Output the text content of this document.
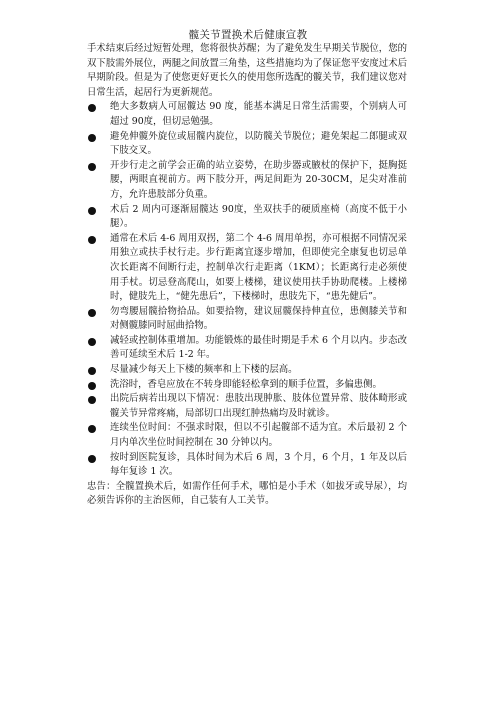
髋关节置换术后健康宣教

手术结束后经过短暂处理，您将很快苏醒；为了避免发生早期关节脱位，您的双下肢需外展位，两腿之间放置三角垫，这些措施均为了保证您平安度过术后早期阶段。但是为了使您更好更长久的使用您所选配的髋关节，我们建议您对日常生活，起居行为更新规范。

绝大多数病人可屈髋达 90 度，能基本满足日常生活需要，个别病人可超过 90度，但切忌勉强。
避免伸髋外旋位或屈髋内旋位，以防髋关节脱位；避免架起二郎腿或双下肢交叉。
开步行走之前学会正确的站立姿势，在助步器或腋杖的保护下，挺胸挺腰，两眼直视前方。两下肢分开，两足间距为 20-30CM，足尖对准前方，允许患肢部分负重。
术后 2 周内可逐渐屈髋达 90度，坐双扶手的硬质座椅（高度不低于小腿）。
通常在术后 4-6 周用双拐，第二个 4-6 周用单拐，亦可根据不同情况采用独立或扶手杖行走。步行距离宜逐步增加，但即使完全康复也切忌单次长距离不间断行走，控制单次行走距离（1KM）；长距离行走必须使用手杖。切忌登高爬山，如要上楼梯，建议使用扶手协助爬楼。上楼梯时，健肢先上，“健先患后”，下楼梯时，患肢先下，“患先健后”。
勿弯腰屈髋拾物拾品。如要拾物，建议屈髋保持伸直位，患侧膝关节和对侧髋膝同时屈曲拾物。
减轻或控制体重增加。功能锻炼的最佳时期是手术 6 个月以内。步态改善可延续至术后 1-2 年。
尽量减少每天上下楼的频率和上下楼的层高。
洗浴时，香皂应放在不转身即能轻松拿到的顺手位置，多偏患侧。
出院后病若出现以下情况：患肢出现肿胀、肢体位置异常、肢体畸形或髋关节异常疼痛，局部切口出现红肿热痛均及时就诊。
连续坐位时间：不强求时限，但以不引起髋部不适为宜。术后最初 2 个月内单次坐位时间控制在 30 分钟以内。
按时到医院复诊，具体时间为术后 6 周，3 个月，6 个月，1 年及以后每年复诊 1 次。

忠告：全髋置换术后，如需作任何手术，哪怕是小手术（如拔牙或导尿），均必须告诉你的主治医师，自己装有人工关节。
